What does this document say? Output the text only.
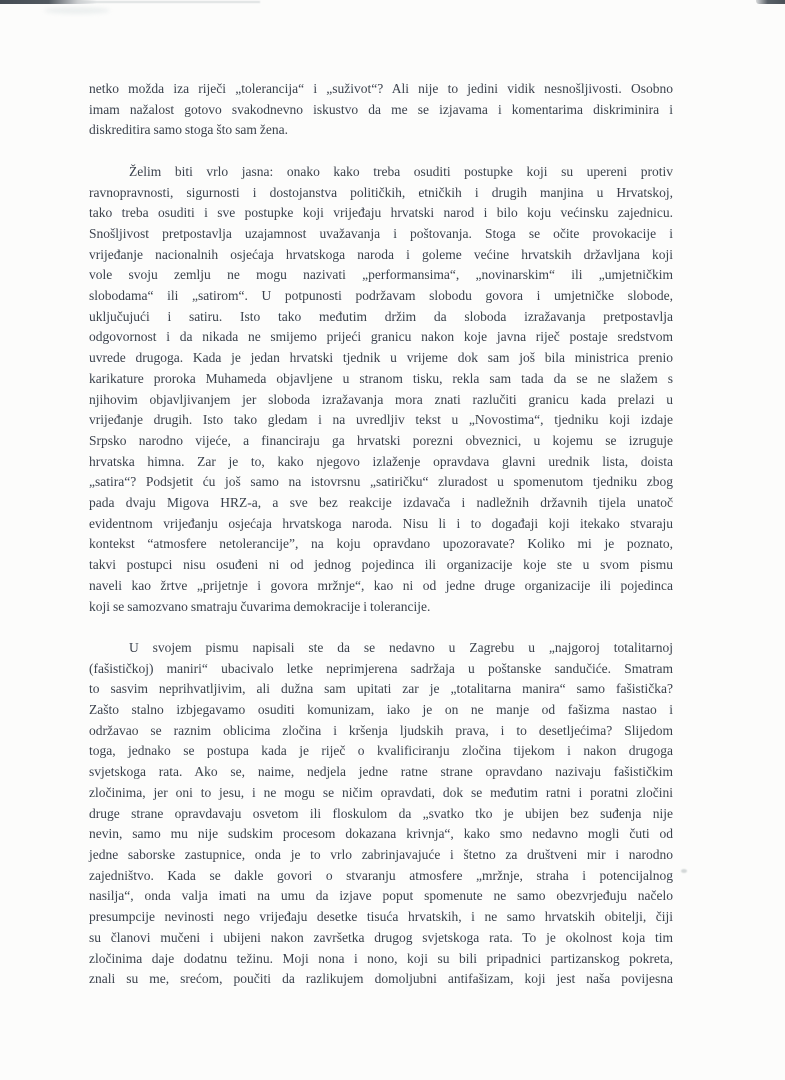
netko možda iza riječi „tolerancija“ i „suživot“? Ali nije to jedini vidik nesnošljivosti. Osobno
imam nažalost gotovo svakodnevno iskustvo da me se izjavama i komentarima diskriminira i
diskreditira samo stoga što sam žena.
Želim biti vrlo jasna: onako kako treba osuditi postupke koji su upereni protiv
ravnopravnosti, sigurnosti i dostojanstva političkih, etničkih i drugih manjina u Hrvatskoj,
tako treba osuditi i sve postupke koji vrijeđaju hrvatski narod i bilo koju većinsku zajednicu.
Snošljivost pretpostavlja uzajamnost uvažavanja i poštovanja. Stoga se očite provokacije i
vrijeđanje nacionalnih osjećaja hrvatskoga naroda i goleme većine hrvatskih državljana koji
vole svoju zemlju ne mogu nazivati „performansima“, „novinarskim“ ili „umjetničkim
slobodama“ ili „satirom“. U potpunosti podržavam slobodu govora i umjetničke slobode,
uključujući i satiru. Isto tako međutim držim da sloboda izražavanja pretpostavlja
odgovornost i da nikada ne smijemo prijeći granicu nakon koje javna riječ postaje sredstvom
uvrede drugoga. Kada je jedan hrvatski tjednik u vrijeme dok sam još bila ministrica prenio
karikature proroka Muhameda objavljene u stranom tisku, rekla sam tada da se ne slažem s
njihovim objavljivanjem jer sloboda izražavanja mora znati razlučiti granicu kada prelazi u
vrijeđanje drugih. Isto tako gledam i na uvredljiv tekst u „Novostima“, tjedniku koji izdaje
Srpsko narodno vijeće, a financiraju ga hrvatski porezni obveznici, u kojemu se izruguje
hrvatska himna. Zar je to, kako njegovo izlaženje opravdava glavni urednik lista, doista
„satira“? Podsjetit ću još samo na istovrsnu „satiričku“ zluradost u spomenutom tjedniku zbog
pada dvaju Migova HRZ-a, a sve bez reakcije izdavača i nadležnih državnih tijela unatoč
evidentnom vrijeđanju osjećaja hrvatskoga naroda. Nisu li i to događaji koji itekako stvaraju
kontekst “atmosfere netolerancije”, na koju opravdano upozoravate? Koliko mi je poznato,
takvi postupci nisu osuđeni ni od jednog pojedinca ili organizacije koje ste u svom pismu
naveli kao žrtve „prijetnje i govora mržnje“, kao ni od jedne druge organizacije ili pojedinca
koji se samozvano smatraju čuvarima demokracije i tolerancije.
U svojem pismu napisali ste da se nedavno u Zagrebu u „najgoroj totalitarnoj
(fašističkoj) maniri“ ubacivalo letke neprimjerena sadržaja u poštanske sandučiće. Smatram
to sasvim neprihvatljivim, ali dužna sam upitati zar je „totalitarna manira“ samo fašistička?
Zašto stalno izbjegavamo osuditi komunizam, iako je on ne manje od fašizma nastao i
održavao se raznim oblicima zločina i kršenja ljudskih prava, i to desetljećima? Slijedom
toga, jednako se postupa kada je riječ o kvalificiranju zločina tijekom i nakon drugoga
svjetskoga rata. Ako se, naime, nedjela jedne ratne strane opravdano nazivaju fašističkim
zločinima, jer oni to jesu, i ne mogu se ničim opravdati, dok se međutim ratni i poratni zločini
druge strane opravdavaju osvetom ili floskulom da „svatko tko je ubijen bez suđenja nije
nevin, samo mu nije sudskim procesom dokazana krivnja“, kako smo nedavno mogli čuti od
jedne saborske zastupnice, onda je to vrlo zabrinjavajuće i štetno za društveni mir i narodno
zajedništvo. Kada se dakle govori o stvaranju atmosfere „mržnje, straha i potencijalnog
nasilja“, onda valja imati na umu da izjave poput spomenute ne samo obezvrjeđuju načelo
presumpcije nevinosti nego vrijeđaju desetke tisuća hrvatskih, i ne samo hrvatskih obitelji, čiji
su članovi mučeni i ubijeni nakon završetka drugog svjetskoga rata. To je okolnost koja tim
zločinima daje dodatnu težinu. Moji nona i nono, koji su bili pripadnici partizanskog pokreta,
znali su me, srećom, poučiti da razlikujem domoljubni antifašizam, koji jest naša povijesna
